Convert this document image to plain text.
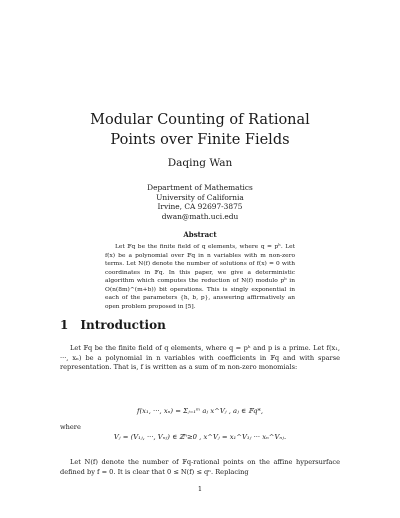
Modular Counting of Rational Points over Finite Fields
Daqing Wan
Department of Mathematics
University of California
Irvine, CA 92697-3875
dwan@math.uci.edu
Abstract
Let 𝔽q be the finite field of q elements, where q = pʰ. Let f(x) be a polynomial over 𝔽q in n variables with m non-zero terms. Let N(f) denote the number of solutions of f(x) = 0 with coordinates in 𝔽q. In this paper, we give a deterministic algorithm which computes the reduction of N(f) modulo pᵇ in O(n(8m)^(m+b)) bit operations. This is singly exponential in each of the parameters {h, b, p}, answering affirmatively an open problem proposed in [5].
1 Introduction
Let 𝔽q be the finite field of q elements, where q = pʰ and p is a prime. Let f(x₁, ···, xₙ) be a polynomial in n variables with coefficients in 𝔽q and with sparse representation. That is, f is written as a sum of m non-zero monomials:
f(x₁, ···, xₙ) = Σⱼ₌₁ᵐ aⱼ x^Vⱼ , aⱼ ∈ 𝔽q*,
where
Vⱼ = (V₁ⱼ, ···, Vₙⱼ) ∈ ℤⁿ≥0 , x^Vⱼ = x₁^V₁ⱼ ··· xₙ^Vₙⱼ.
Let N(f) denote the number of 𝔽q-rational points on the affine hypersurface defined by f = 0. It is clear that 0 ≤ N(f) ≤ qⁿ. Replacing
1
